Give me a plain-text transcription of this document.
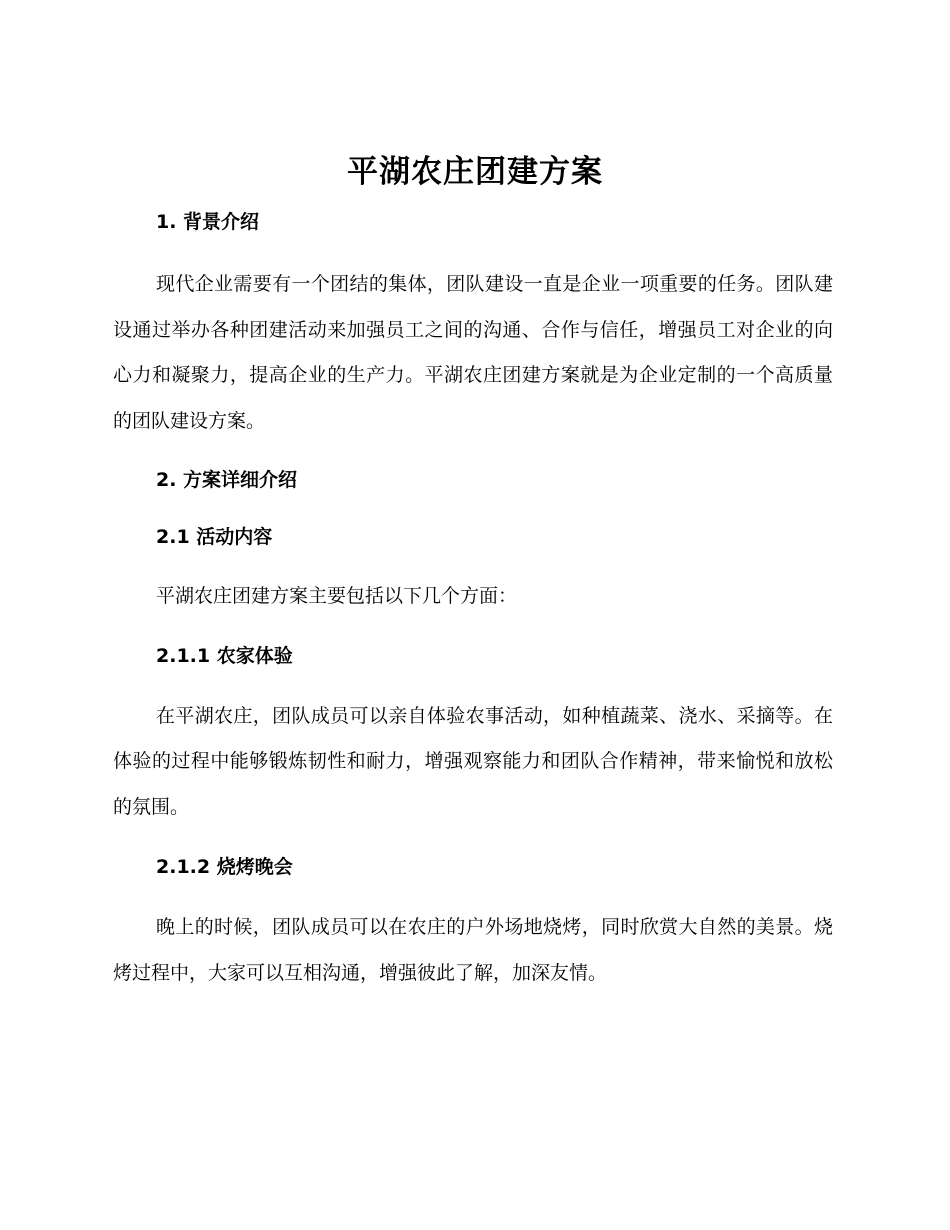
平湖农庄团建方案
1. 背景介绍

现代企业需要有一个团结的集体，团队建设一直是企业一项重要的任务。团队建设通过举办各种团建活动来加强员工之间的沟通、合作与信任，增强员工对企业的向心力和凝聚力，提高企业的生产力。平湖农庄团建方案就是为企业定制的一个高质量的团队建设方案。

2. 方案详细介绍
2.1 活动内容

平湖农庄团建方案主要包括以下几个方面：

2.1.1 农家体验

在平湖农庄，团队成员可以亲自体验农事活动，如种植蔬菜、浇水、采摘等。在体验的过程中能够锻炼韧性和耐力，增强观察能力和团队合作精神，带来愉悦和放松的氛围。

2.1.2 烧烤晚会

晚上的时候，团队成员可以在农庄的户外场地烧烤，同时欣赏大自然的美景。烧烤过程中，大家可以互相沟通，增强彼此了解，加深友情。
